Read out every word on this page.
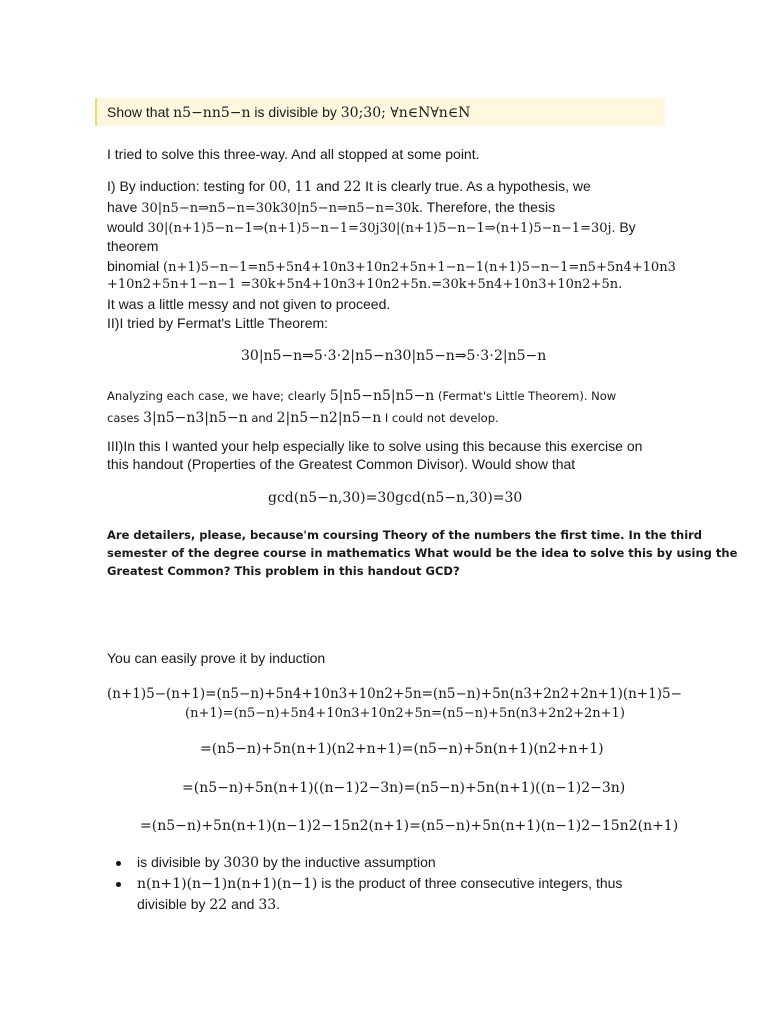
Show that n5−nn5−n is divisible by 30;30; ∀n∈N∀n∈N
I tried to solve this three-way. And all stopped at some point.
I) By induction: testing for 00, 11 and 22 It is clearly true. As a hypothesis, we
have 30|n5−n⇒n5−n=30k30|n5−n⇒n5−n=30k. Therefore, the thesis
would 30|(n+1)5−n−1⇒(n+1)5−n−1=30j30|(n+1)5−n−1⇒(n+1)5−n−1=30j. By
theorem
binomial (n+1)5−n−1=n5+5n4+10n3+10n2+5n+1−n−1(n+1)5−n−1=n5+5n4+10n3
+10n2+5n+1−n−1 =30k+5n4+10n3+10n2+5n.=30k+5n4+10n3+10n2+5n.
It was a little messy and not given to proceed.
II)I tried by Fermat's Little Theorem:
30|n5−n⇒5⋅3⋅2|n5−n30|n5−n⇒5⋅3⋅2|n5−n
Analyzing each case, we have; clearly 5|n5−n5|n5−n (Fermat's Little Theorem). Now
cases 3|n5−n3|n5−n and 2|n5−n2|n5−n I could not develop.
III)In this I wanted your help especially like to solve using this because this exercise on
this handout (Properties of the Greatest Common Divisor). Would show that
gcd(n5−n,30)=30gcd(n5−n,30)=30
Are detailers, please, because'm coursing Theory of the numbers the first time. In the third
semester of the degree course in mathematics What would be the idea to solve this by using the
Greatest Common? This problem in this handout GCD?
You can easily prove it by induction
(n+1)5−(n+1)=(n5−n)+5n4+10n3+10n2+5n=(n5−n)+5n(n3+2n2+2n+1)(n+1)5−
(n+1)=(n5−n)+5n4+10n3+10n2+5n=(n5−n)+5n(n3+2n2+2n+1)
=(n5−n)+5n(n+1)(n2+n+1)=(n5−n)+5n(n+1)(n2+n+1)
=(n5−n)+5n(n+1)((n−1)2−3n)=(n5−n)+5n(n+1)((n−1)2−3n)
=(n5−n)+5n(n+1)(n−1)2−15n2(n+1)=(n5−n)+5n(n+1)(n−1)2−15n2(n+1)
is divisible by 3030 by the inductive assumption
n(n+1)(n−1)n(n+1)(n−1) is the product of three consecutive integers, thus
divisible by 22 and 33.
